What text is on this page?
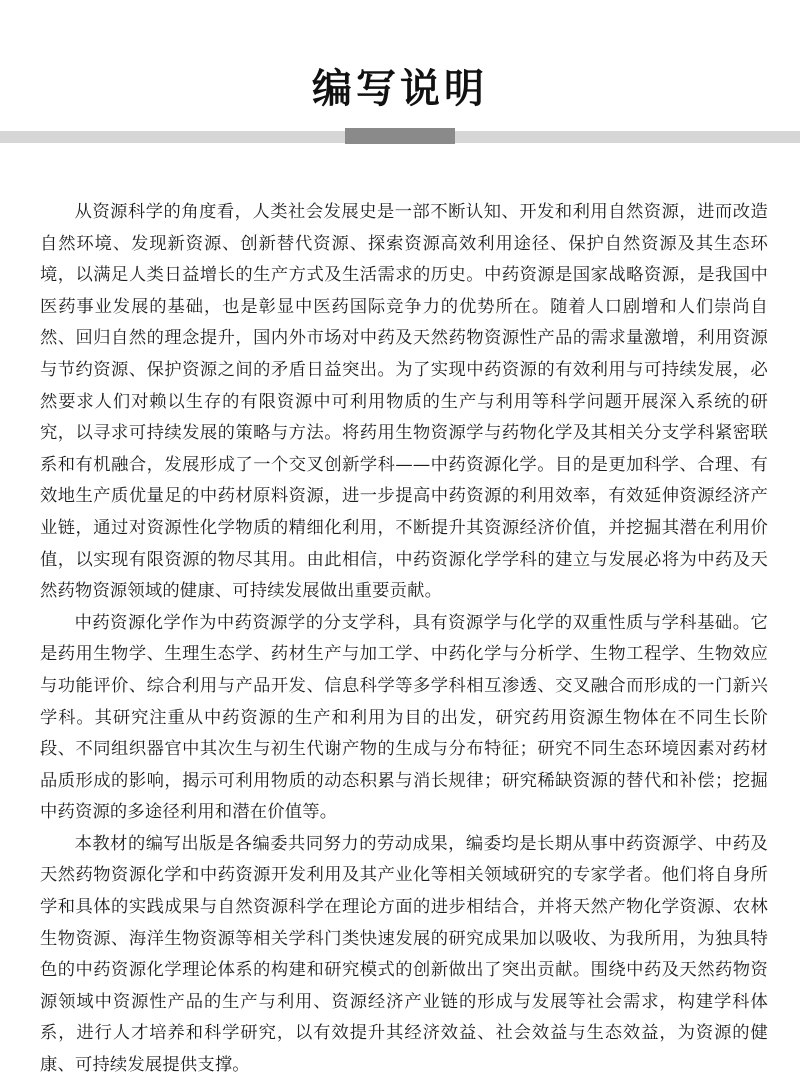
编写说明

从资源科学的角度看，人类社会发展史是一部不断认知、开发和利用自然资源，进而改造自然环境、发现新资源、创新替代资源、探索资源高效利用途径、保护自然资源及其生态环境，以满足人类日益增长的生产方式及生活需求的历史。中药资源是国家战略资源，是我国中医药事业发展的基础，也是彰显中医药国际竞争力的优势所在。随着人口剧增和人们崇尚自然、回归自然的理念提升，国内外市场对中药及天然药物资源性产品的需求量激增，利用资源与节约资源、保护资源之间的矛盾日益突出。为了实现中药资源的有效利用与可持续发展，必然要求人们对赖以生存的有限资源中可利用物质的生产与利用等科学问题开展深入系统的研究，以寻求可持续发展的策略与方法。将药用生物资源学与药物化学及其相关分支学科紧密联系和有机融合，发展形成了一个交叉创新学科——中药资源化学。目的是更加科学、合理、有效地生产质优量足的中药材原料资源，进一步提高中药资源的利用效率，有效延伸资源经济产业链，通过对资源性化学物质的精细化利用，不断提升其资源经济价值，并挖掘其潜在利用价值，以实现有限资源的物尽其用。由此相信，中药资源化学学科的建立与发展必将为中药及天然药物资源领域的健康、可持续发展做出重要贡献。

中药资源化学作为中药资源学的分支学科，具有资源学与化学的双重性质与学科基础。它是药用生物学、生理生态学、药材生产与加工学、中药化学与分析学、生物工程学、生物效应与功能评价、综合利用与产品开发、信息科学等多学科相互渗透、交叉融合而形成的一门新兴学科。其研究注重从中药资源的生产和利用为目的出发，研究药用资源生物体在不同生长阶段、不同组织器官中其次生与初生代谢产物的生成与分布特征；研究不同生态环境因素对药材品质形成的影响，揭示可利用物质的动态积累与消长规律；研究稀缺资源的替代和补偿；挖掘中药资源的多途径利用和潜在价值等。

本教材的编写出版是各编委共同努力的劳动成果，编委均是长期从事中药资源学、中药及天然药物资源化学和中药资源开发利用及其产业化等相关领域研究的专家学者。他们将自身所学和具体的实践成果与自然资源科学在理论方面的进步相结合，并将天然产物化学资源、农林生物资源、海洋生物资源等相关学科门类快速发展的研究成果加以吸收、为我所用，为独具特色的中药资源化学理论体系的构建和研究模式的创新做出了突出贡献。围绕中药及天然药物资源领域中资源性产品的生产与利用、资源经济产业链的形成与发展等社会需求，构建学科体系，进行人才培养和科学研究，以有效提升其经济效益、社会效益与生态效益，为资源的健康、可持续发展提供支撑。
